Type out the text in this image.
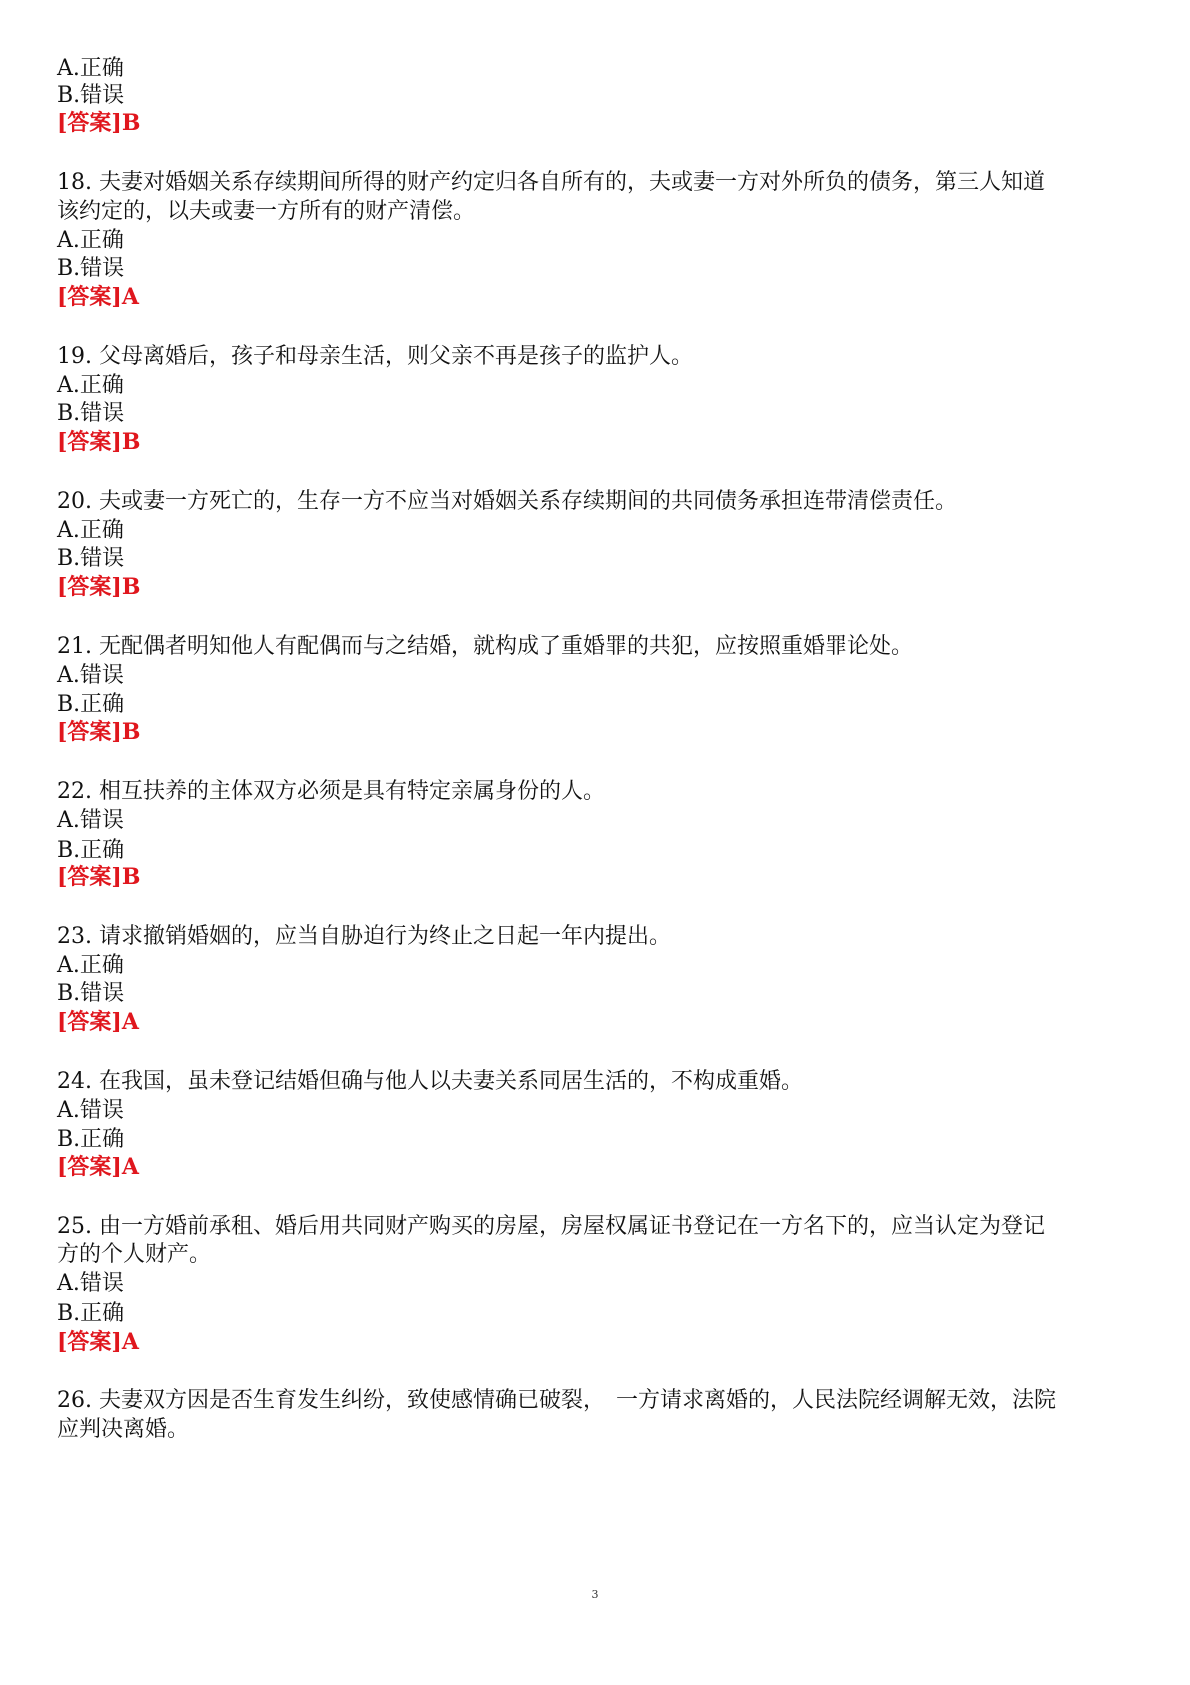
A.正确
B.错误
[答案]B
18. 夫妻对婚姻关系存续期间所得的财产约定归各自所有的，夫或妻一方对外所负的债务，第三人知道
该约定的，以夫或妻一方所有的财产清偿。
A.正确
B.错误
[答案]A
19. 父母离婚后，孩子和母亲生活，则父亲不再是孩子的监护人。
A.正确
B.错误
[答案]B
20. 夫或妻一方死亡的，生存一方不应当对婚姻关系存续期间的共同债务承担连带清偿责任。
A.正确
B.错误
[答案]B
21. 无配偶者明知他人有配偶而与之结婚，就构成了重婚罪的共犯，应按照重婚罪论处。
A.错误
B.正确
[答案]B
22. 相互扶养的主体双方必须是具有特定亲属身份的人。
A.错误
B.正确
[答案]B
23. 请求撤销婚姻的，应当自胁迫行为终止之日起一年内提出。
A.正确
B.错误
[答案]A
24. 在我国，虽未登记结婚但确与他人以夫妻关系同居生活的，不构成重婚。
A.错误
B.正确
[答案]A
25. 由一方婚前承租、婚后用共同财产购买的房屋，房屋权属证书登记在一方名下的，应当认定为登记
方的个人财产。
A.错误
B.正确
[答案]A
26. 夫妻双方因是否生育发生纠纷，致使感情确已破裂，　一方请求离婚的，人民法院经调解无效，法院
应判决离婚。
3
